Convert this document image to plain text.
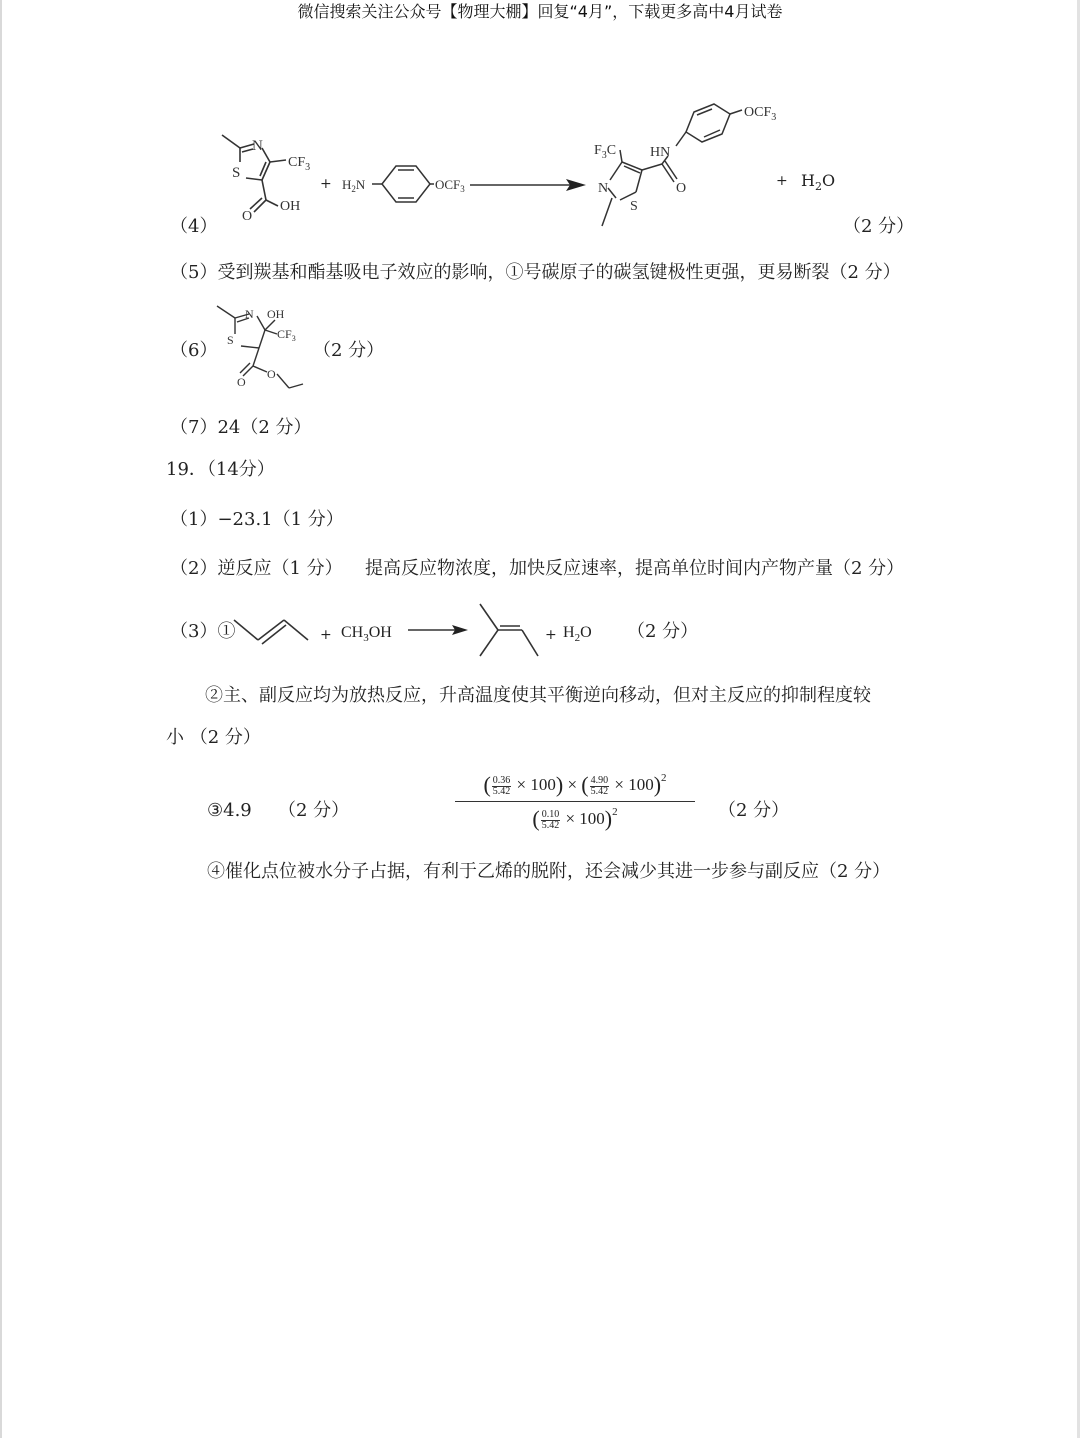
微信搜索关注公众号【物理大棚】回复“4月”，下载更多高中4月试卷
（4）	（2 分）
N
S
$CF_3$
OH
O
+ $H_2N$	$OCF_3$
$F_3C$ HN
N
S
O
$OCF_3$
+ $H_2O$
（5）受到羰基和酯基吸电子效应的影响，①号碳原子的碳氢键极性更强，更易断裂（2 分）
（6）
N OH
$CF_3$
S
O
O
（2 分）
（7）24（2 分）
19．（14分）
（1）−23.1（1 分）
（2）逆反应（1 分） 提高反应物浓度，加快反应速率，提高单位时间内产物产量（2 分）
（3）①	+ $CH_3OH$	+ $H_2O$ （2 分）
②主、副反应均为放热反应，升高温度使其平衡逆向移动，但对主反应的抑制程度较
小 （2 分）
③4.9 （2 分）
( $\frac{0.36}{5.42} \times 100$) × ( $\frac{4.90}{5.42} \times 100)^2$
( $\frac{0.10}{5.42} \times 100)^2$	（2 分）
④催化点位被水分子占据，有利于乙烯的脱附，还会减少其进一步参与副反应（2 分）
